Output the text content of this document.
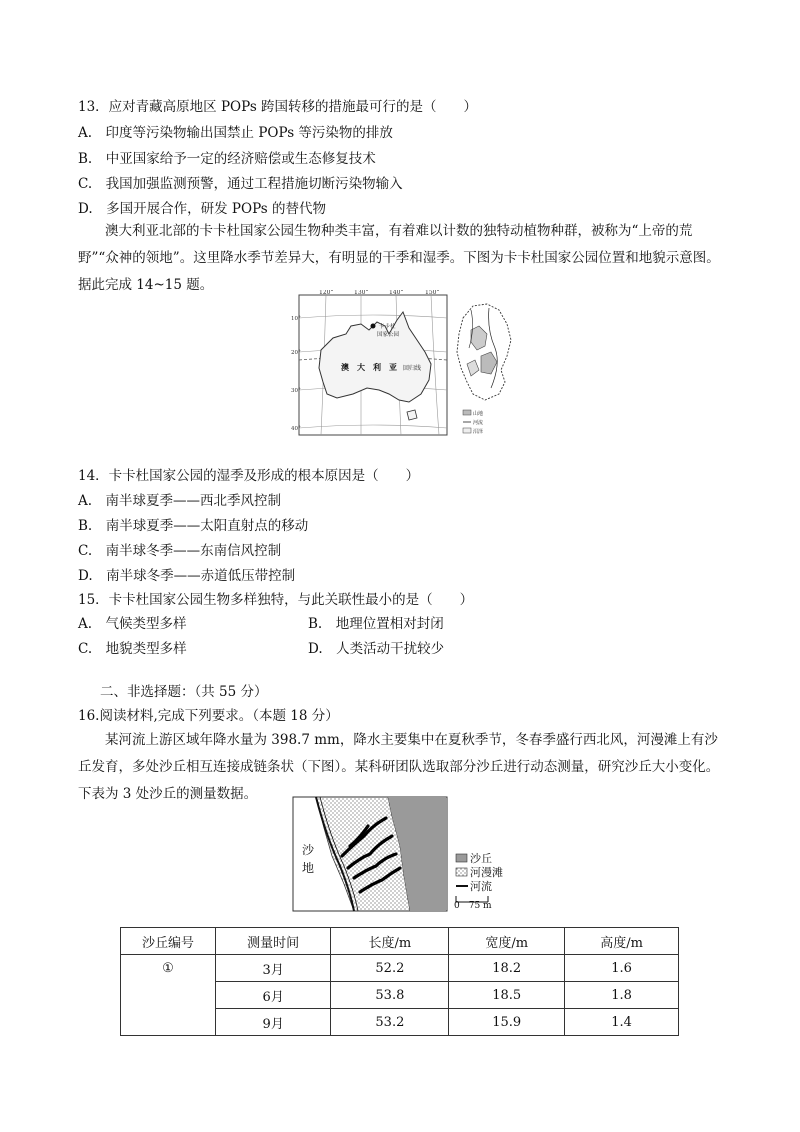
13．应对青藏高原地区 POPs 跨国转移的措施最可行的是（　　）
A.　印度等污染物输出国禁止 POPs 等污染物的排放
B.　中亚国家给予一定的经济赔偿或生态修复技术
C.　我国加强监测预警，通过工程措施切断污染物输入
D.　多国开展合作，研发 POPs 的替代物
澳大利亚北部的卡卡杜国家公园生物种类丰富，有着难以计数的独特动植物种群，被称为“上帝的荒野”“众神的领地”。这里降水季节差异大，有明显的干季和湿季。下图为卡卡杜国家公园位置和地貌示意图。据此完成 14~15 题。	120°	130°	140°	150°
10°
20°
30°
40°
卡卡杜
国家公园
澳　大　利　亚 回归线
山地
河流
沼泽
14．卡卡杜国家公园的湿季及形成的根本原因是（　　）
A.　南半球夏季——西北季风控制
B.　南半球夏季——太阳直射点的移动
C.　南半球冬季——东南信风控制
D.　南半球冬季——赤道低压带控制
15．卡卡杜国家公园生物多样独特，与此关联性最小的是（　　）
A.　气候类型多样	B.　地理位置相对封闭
C.　地貌类型多样	D.　人类活动干扰较少
二、非选择题：（共 55 分）
16.阅读材料,完成下列要求。（本题 18 分）
某河流上游区域年降水量为 398.7 mm，降水主要集中在夏秋季节，冬春季盛行西北风，河漫滩上有沙丘发育，多处沙丘相互连接成链条状（下图）。某科研团队选取部分沙丘进行动态测量，研究沙丘大小变化。下表为 3 处沙丘的测量数据。
沙
地
沙丘
河漫滩
河流
0　75 m
沙丘编号	测量时间	长度/m	宽度/m	高度/m
①	3月	52.2	18.2	1.6
	6月	53.8	18.5	1.8
	9月	53.2	15.9	1.4
